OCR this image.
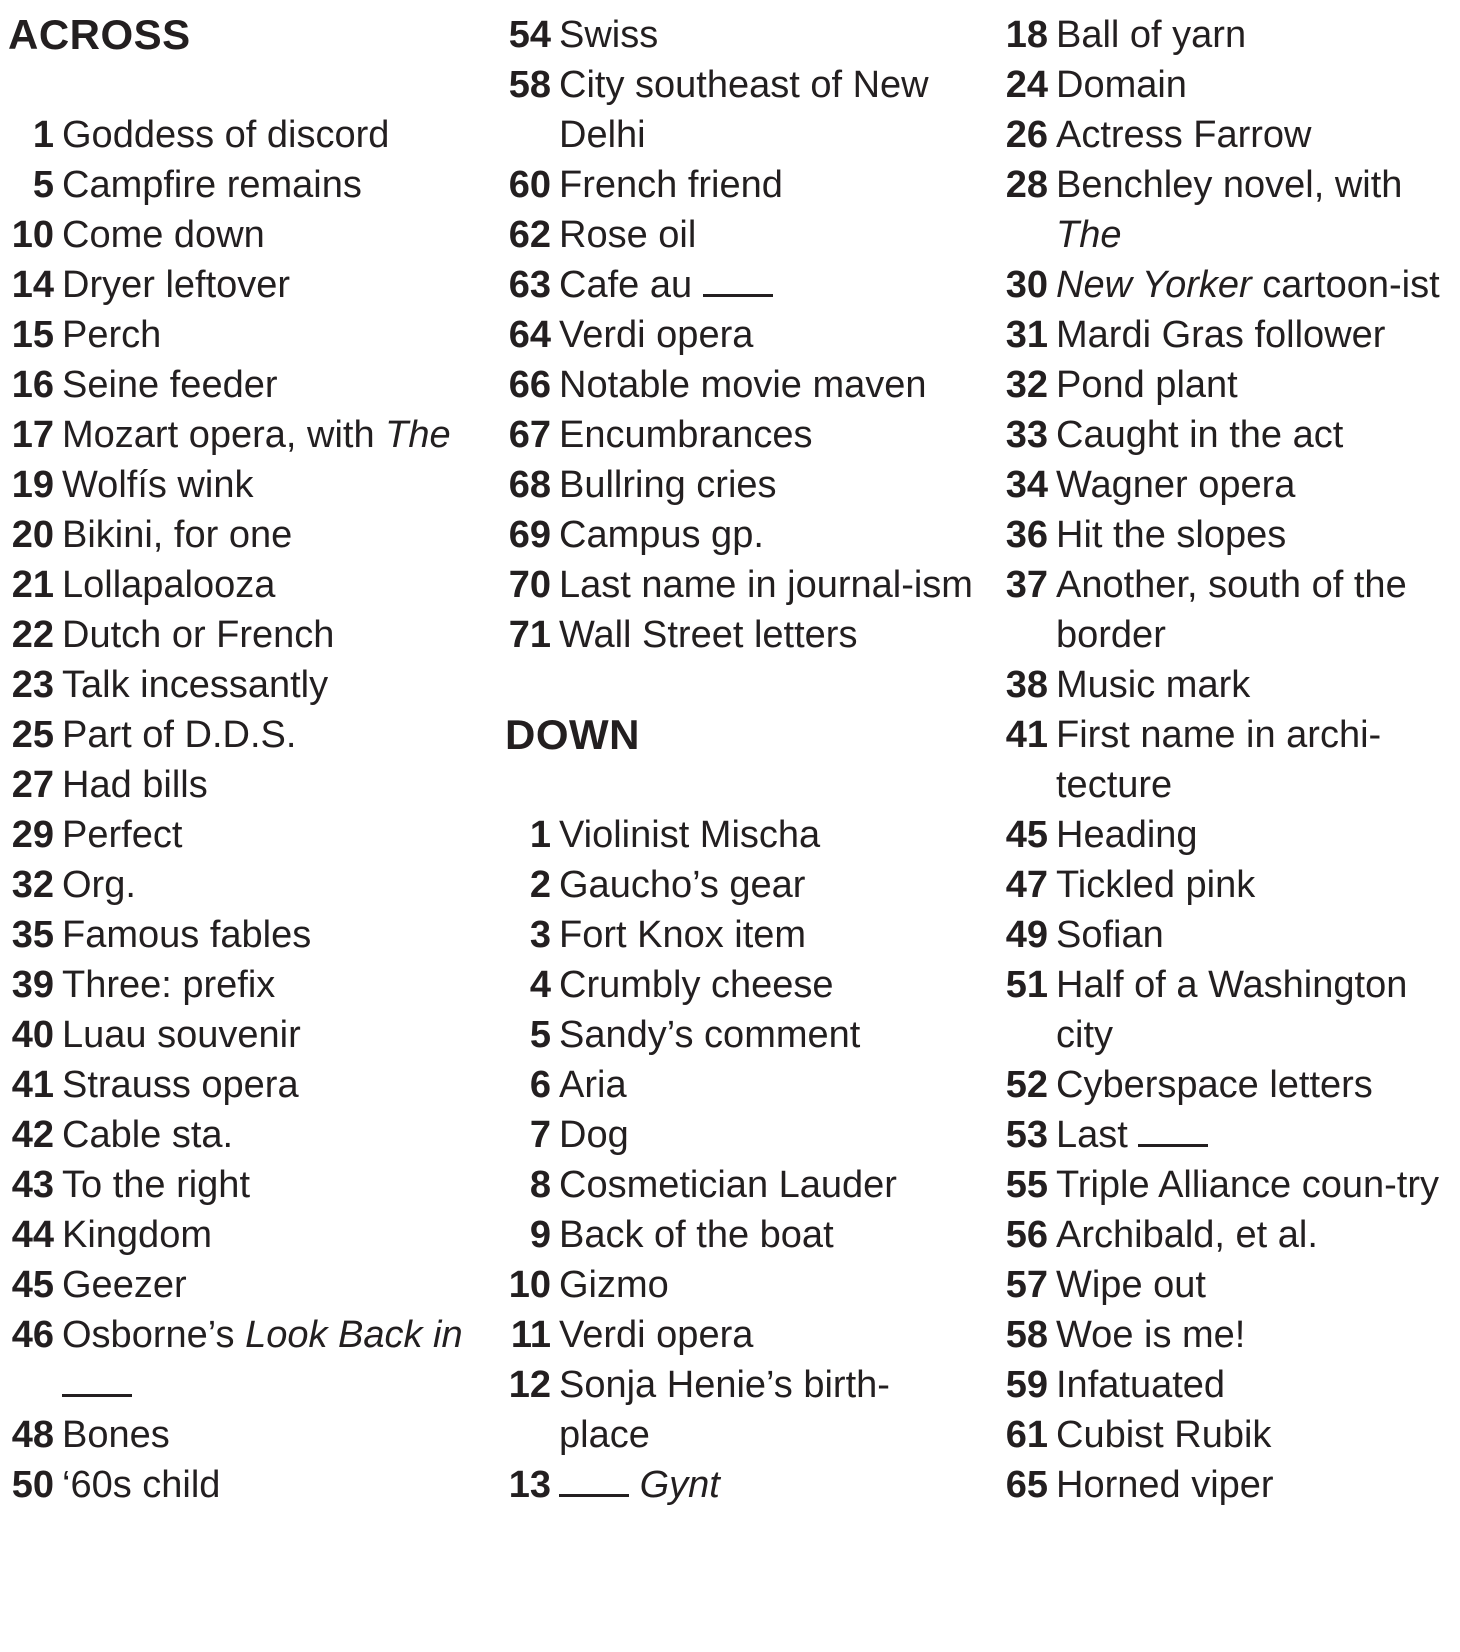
ACROSS
1 Goddess of discord
5 Campfire remains
10 Come down
14 Dryer leftover
15 Perch
16 Seine feeder
17 Mozart opera, with The
19 Wolfís wink
20 Bikini, for one
21 Lollapalooza
22 Dutch or French
23 Talk incessantly
25 Part of D.D.S.
27 Had bills
29 Perfect
32 Org.
35 Famous fables
39 Three: prefix
40 Luau souvenir
41 Strauss opera
42 Cable sta.
43 To the right
44 Kingdom
45 Geezer
46 Osborne’s Look Back in
48 Bones
50 ‘60s child
54 Swiss
58 City southeast of New Delhi
60 French friend
62 Rose oil
63 Cafe au
64 Verdi opera
66 Notable movie maven
67 Encumbrances
68 Bullring cries
69 Campus gp.
70 Last name in journal-ism
71 Wall Street letters
DOWN
1 Violinist Mischa
2 Gaucho’s gear
3 Fort Knox item
4 Crumbly cheese
5 Sandy’s comment
6 Aria
7 Dog
8 Cosmetician Lauder
9 Back of the boat
10 Gizmo
11 Verdi opera
12 Sonja Henie’s birth-place
13	Gynt
18 Ball of yarn
24 Domain
26 Actress Farrow
28 Benchley novel, with The
30 New Yorker cartoon-ist
31 Mardi Gras follower
32 Pond plant
33 Caught in the act
34 Wagner opera
36 Hit the slopes
37 Another, south of the border
38 Music mark
41 First name in archi-tecture
45 Heading
47 Tickled pink
49 Sofian
51 Half of a Washington city
52 Cyberspace letters
53 Last
55 Triple Alliance coun-try
56 Archibald, et al.
57 Wipe out
58 Woe is me!
59 Infatuated
61 Cubist Rubik
65 Horned viper
